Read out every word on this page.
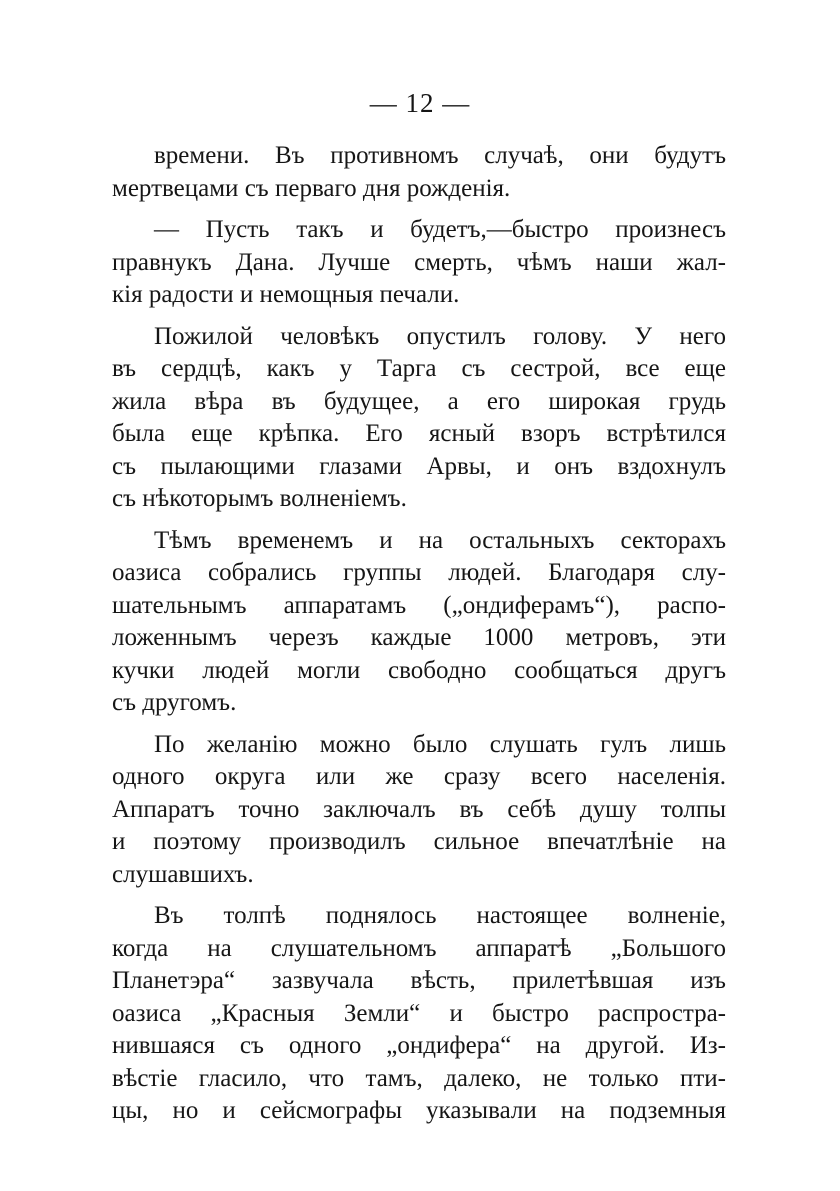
— 12 —
времени. Въ противномъ случаѣ, они будутъ
мертвецами съ перваго дня рожденія.
— Пусть такъ и будетъ,—быстро произнесъ
правнукъ Дана. Лучше смерть, чѣмъ наши жал-
кія радости и немощныя печали.
Пожилой человѣкъ опустилъ голову. У него
въ сердцѣ, какъ у Тарга съ сестрой, все еще
жила вѣра въ будущее, а его широкая грудь
была еще крѣпка. Его ясный взоръ встрѣтился
съ пылающими глазами Арвы, и онъ вздохнулъ
съ нѣкоторымъ волненіемъ.
Тѣмъ временемъ и на остальныхъ секторахъ
оазиса собрались группы людей. Благодаря слу-
шательнымъ аппаратамъ („ондиферамъ“), распо-
ложеннымъ черезъ каждые 1000 метровъ, эти
кучки людей могли свободно сообщаться другъ
съ другомъ.
По желанію можно было слушать гулъ лишь
одного округа или же сразу всего населенія.
Аппаратъ точно заключалъ въ себѣ душу толпы
и поэтому производилъ сильное впечатлѣніе на
слушавшихъ.
Въ толпѣ поднялось настоящее волненіе,
когда на слушательномъ аппаратѣ „Большого
Планетэра“ зазвучала вѣсть, прилетѣвшая изъ
оазиса „Красныя Земли“ и быстро распростра-
нившаяся съ одного „ондифера“ на другой. Из-
вѣстіе гласило, что тамъ, далеко, не только пти-
цы, но и сейсмографы указывали на подземныя
